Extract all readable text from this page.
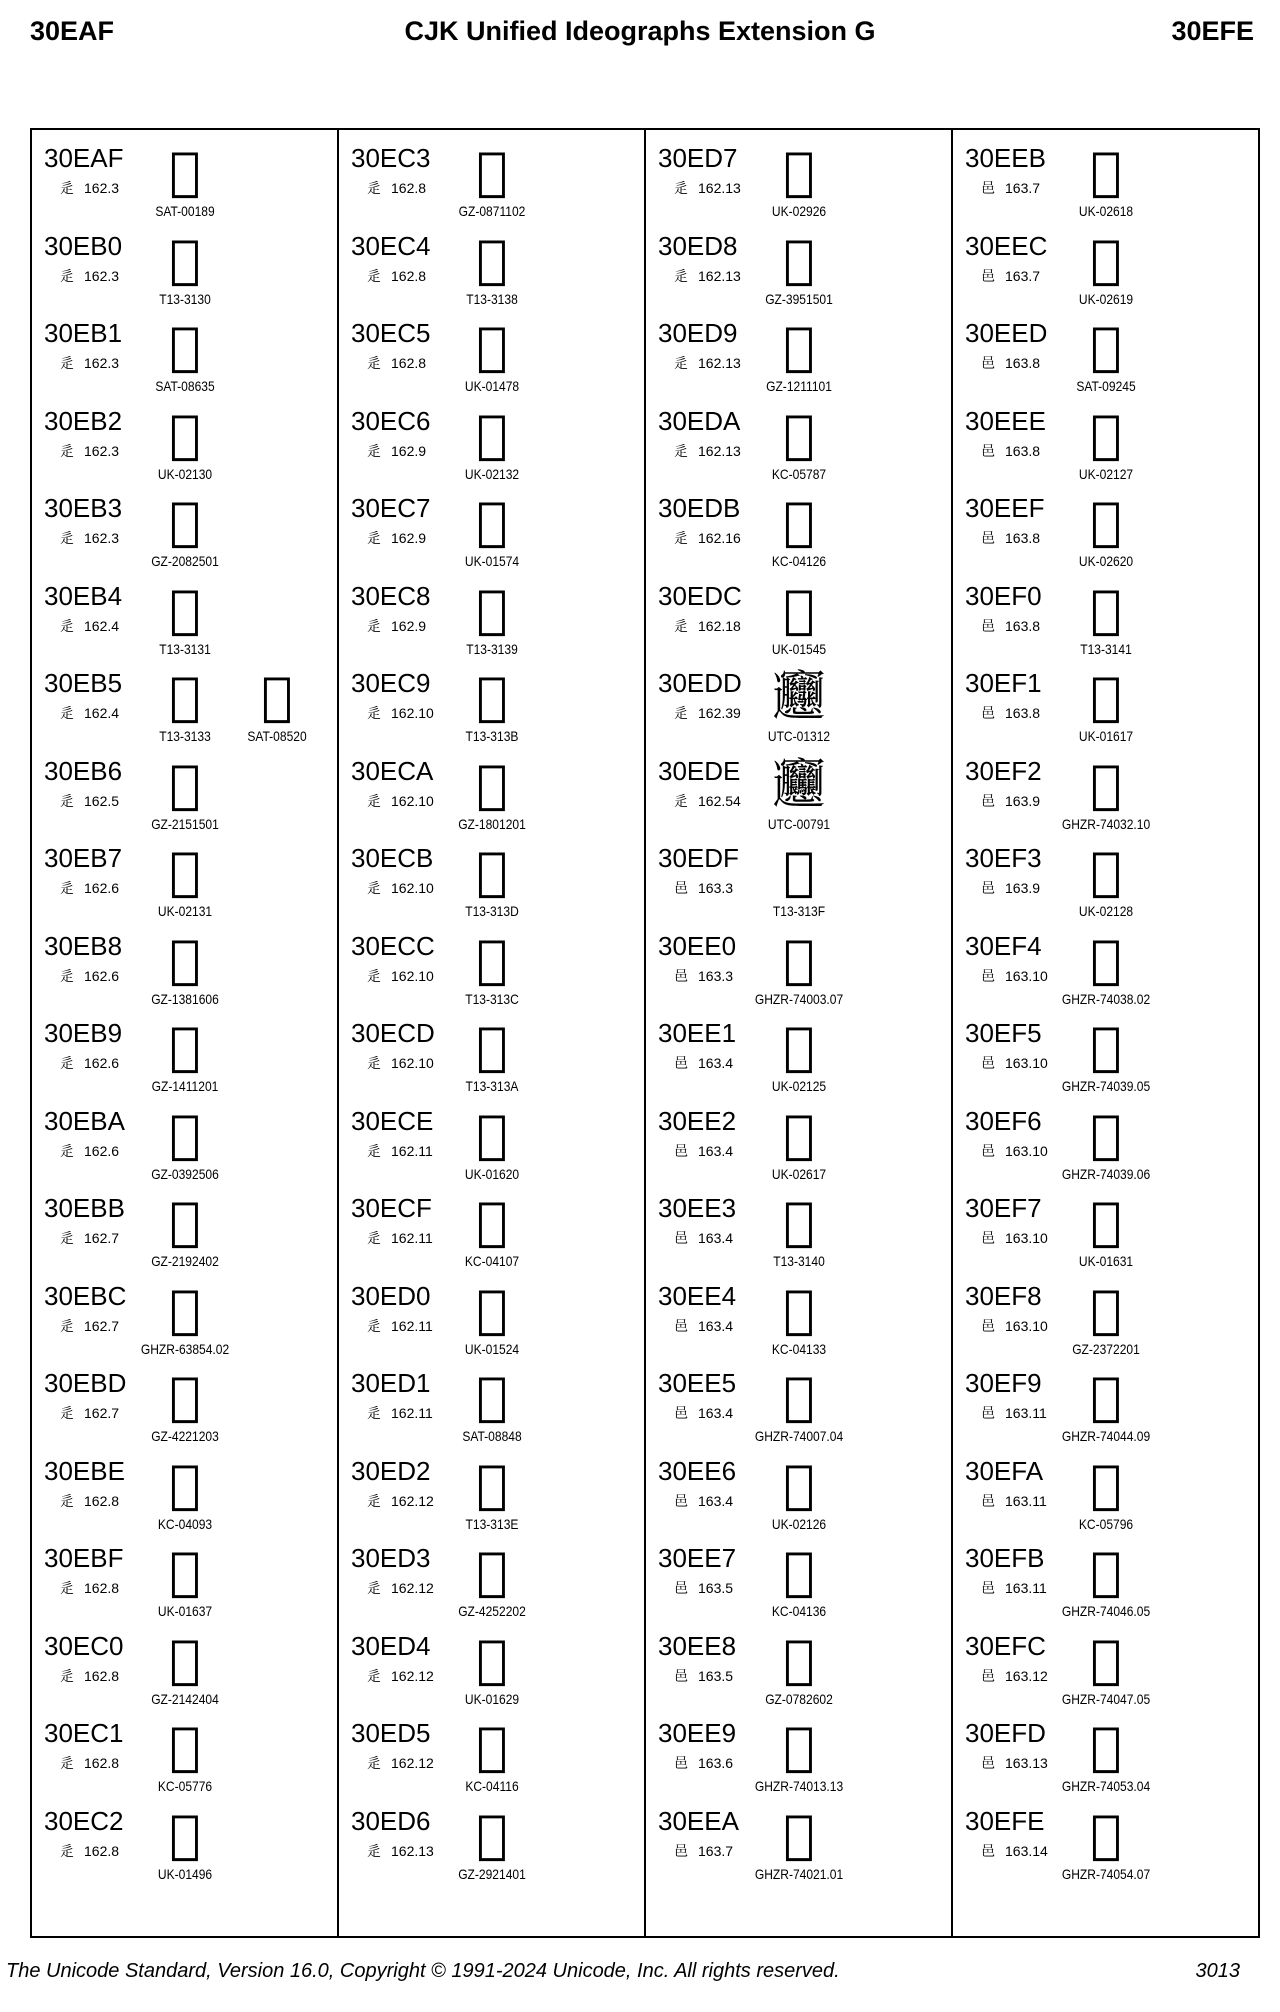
30EAF	CJK Unified Ideographs Extension G	30EFE
30EAF
⾡ 162.3 𰺯
SAT-00189
30EB0
⾡ 162.3 𰺰
T13-3130
30EB1
⾡ 162.3 𰺱
SAT-08635
30EB2
⾡ 162.3 𰺲
UK-02130
30EB3
⾡ 162.3 𰺳
GZ-2082501
30EB4
⾡ 162.4 𰺴
T13-3131
30EB5
⾡ 162.4 𰺵	𰺵
T13-3133	SAT-08520
30EB6
⾡ 162.5 𰺶
GZ-2151501
30EB7
⾡ 162.6 𰺷
UK-02131
30EB8
⾡ 162.6 𰺸
GZ-1381606
30EB9
⾡ 162.6 𰺹
GZ-1411201
30EBA
⾡ 162.6 𰺺
GZ-0392506
30EBB
⾡ 162.7 𰺻
GZ-2192402
30EBC
⾡ 162.7 𰺼
GHZR-63854.02
30EBD
⾡ 162.7 𰺽
GZ-4221203
30EBE
⾡ 162.8 𰺾
KC-04093
30EBF
⾡ 162.8 𰺿
UK-01637
30EC0
⾡ 162.8 𰻀
GZ-2142404
30EC1
⾡ 162.8 𰻁
KC-05776
30EC2
⾡ 162.8 𰻂
UK-01496
30EC3
⾡ 162.8 𰻃
GZ-0871102
30EC4
⾡ 162.8 𰻄
T13-3138
30EC5
⾡ 162.8 𰻅
UK-01478
30EC6
⾡ 162.9 𰻆
UK-02132
30EC7
⾡ 162.9 𰻇
UK-01574
30EC8
⾡ 162.9 𰻈
T13-3139
30EC9
⾡ 162.10 𰻉
T13-313B
30ECA
⾡ 162.10 𰻊
GZ-1801201
30ECB
⾡ 162.10 𰻋
T13-313D
30ECC
⾡ 162.10 𰻌
T13-313C
30ECD
⾡ 162.10 𰻍
T13-313A
30ECE
⾡ 162.11 𰻎
UK-01620
30ECF
⾡ 162.11 𰻏
KC-04107
30ED0
⾡ 162.11 𰻐
UK-01524
30ED1
⾡ 162.11 𰻑
SAT-08848
30ED2
⾡ 162.12 𰻒
T13-313E
30ED3
⾡ 162.12 𰻓
GZ-4252202
30ED4
⾡ 162.12 𰻔
UK-01629
30ED5
⾡ 162.12 𰻕
KC-04116
30ED6
⾡ 162.13 𰻖
GZ-2921401
30ED7
⾡ 162.13 𰻗
UK-02926
30ED8
⾡ 162.13 𰻘
GZ-3951501
30ED9
⾡ 162.13 𰻙
GZ-1211101
30EDA
⾡ 162.13 𰻚
KC-05787
30EDB
⾡ 162.16 𰻛
KC-04126
30EDC
⾡ 162.18 𰻜
UK-01545
30EDD
⾡ 162.39 𰻝
UTC-01312
30EDE
⾡ 162.54 𰻞
UTC-00791
30EDF
⾢ 163.3 𰻟
T13-313F
30EE0
⾢ 163.3 𰻠
GHZR-74003.07
30EE1
⾢ 163.4 𰻡
UK-02125
30EE2
⾢ 163.4 𰻢
UK-02617
30EE3
⾢ 163.4 𰻣
T13-3140
30EE4
⾢ 163.4 𰻤
KC-04133
30EE5
⾢ 163.4 𰻥
GHZR-74007.04
30EE6
⾢ 163.4 𰻦
UK-02126
30EE7
⾢ 163.5 𰻧
KC-04136
30EE8
⾢ 163.5 𰻨
GZ-0782602
30EE9
⾢ 163.6 𰻩
GHZR-74013.13
30EEA
⾢ 163.7 𰻪
GHZR-74021.01
30EEB
⾢ 163.7 𰻫
UK-02618
30EEC
⾢ 163.7 𰻬
UK-02619
30EED
⾢ 163.8 𰻭
SAT-09245
30EEE
⾢ 163.8 𰻮
UK-02127
30EEF
⾢ 163.8 𰻯
UK-02620
30EF0
⾢ 163.8 𰻰
T13-3141
30EF1
⾢ 163.8 𰻱
UK-01617
30EF2
⾢ 163.9 𰻲
GHZR-74032.10
30EF3
⾢ 163.9 𰻳
UK-02128
30EF4
⾢ 163.10 𰻴
GHZR-74038.02
30EF5
⾢ 163.10 𰻵
GHZR-74039.05
30EF6
⾢ 163.10 𰻶
GHZR-74039.06
30EF7
⾢ 163.10 𰻷
UK-01631
30EF8
⾢ 163.10 𰻸
GZ-2372201
30EF9
⾢ 163.11 𰻹
GHZR-74044.09
30EFA
⾢ 163.11 𰻺
KC-05796
30EFB
⾢ 163.11 𰻻
GHZR-74046.05
30EFC
⾢ 163.12 𰻼
GHZR-74047.05
30EFD
⾢ 163.13 𰻽
GHZR-74053.04
30EFE
⾢ 163.14 𰻾
GHZR-74054.07
The Unicode Standard, Version 16.0, Copyright © 1991-2024 Unicode, Inc. All rights reserved.	3013
